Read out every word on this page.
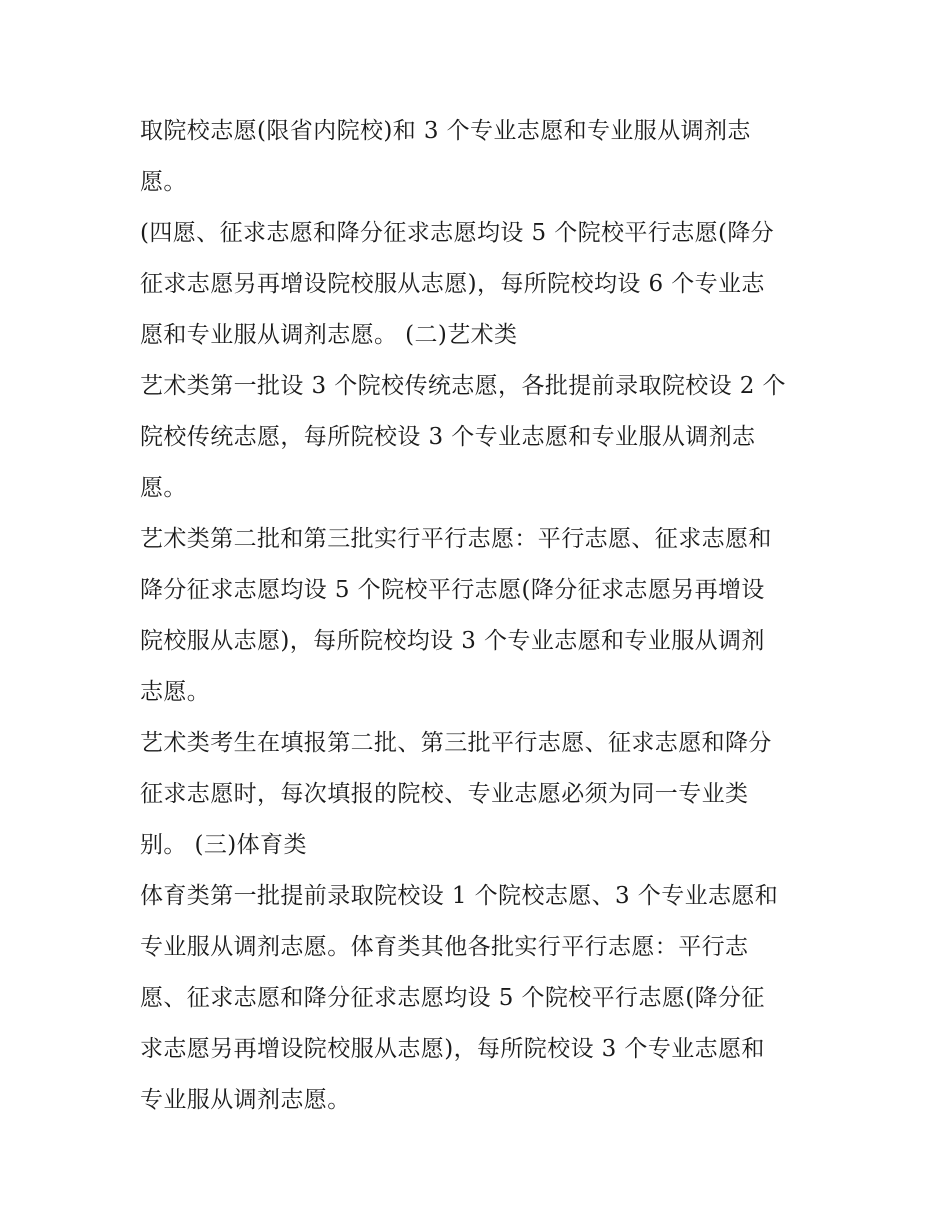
取院校志愿(限省内院校)和 3 个专业志愿和专业服从调剂志
愿。
(四愿、征求志愿和降分征求志愿均设 5 个院校平行志愿(降分
征求志愿另再增设院校服从志愿)，每所院校均设 6 个专业志
愿和专业服从调剂志愿。 (二)艺术类
艺术类第一批设 3 个院校传统志愿，各批提前录取院校设 2 个
院校传统志愿，每所院校设 3 个专业志愿和专业服从调剂志
愿。
艺术类第二批和第三批实行平行志愿：平行志愿、征求志愿和
降分征求志愿均设 5 个院校平行志愿(降分征求志愿另再增设
院校服从志愿)，每所院校均设 3 个专业志愿和专业服从调剂
志愿。
艺术类考生在填报第二批、第三批平行志愿、征求志愿和降分
征求志愿时，每次填报的院校、专业志愿必须为同一专业类
别。 (三)体育类
体育类第一批提前录取院校设 1 个院校志愿、3 个专业志愿和
专业服从调剂志愿。体育类其他各批实行平行志愿：平行志
愿、征求志愿和降分征求志愿均设 5 个院校平行志愿(降分征
求志愿另再增设院校服从志愿)，每所院校设 3 个专业志愿和
专业服从调剂志愿。
